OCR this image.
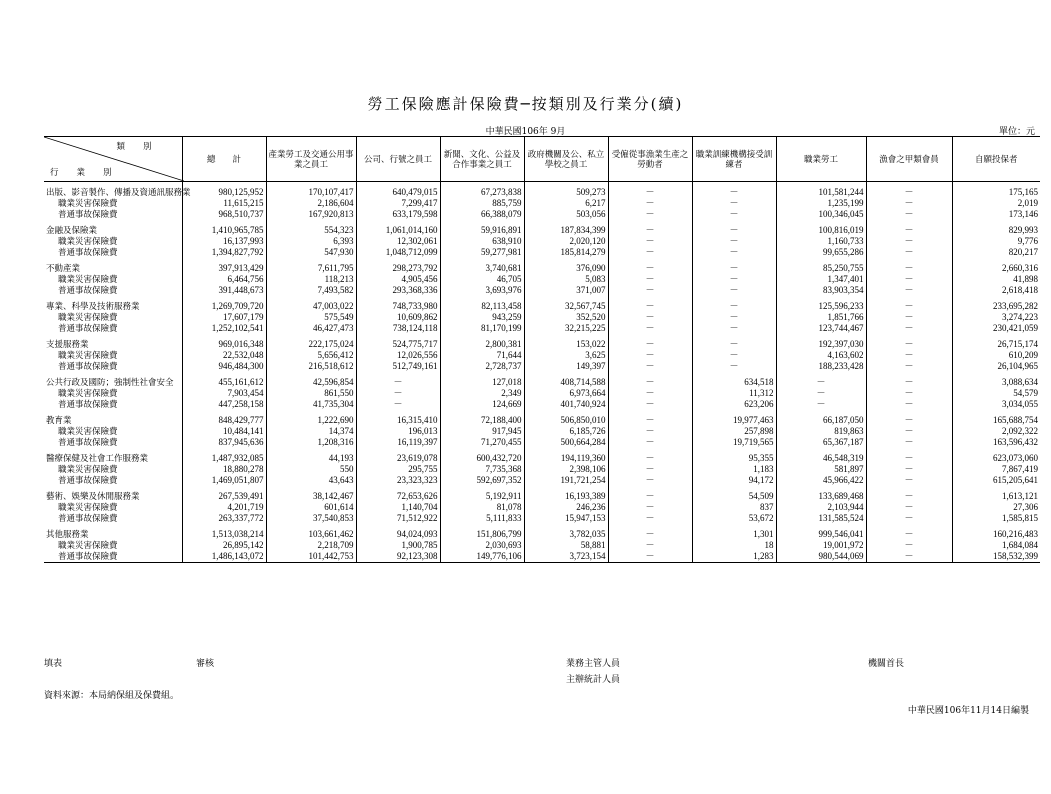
勞工保險應計保險費─按類別及行業分(續)
中華民國106年 9月	單位：元
類別
行業別	總　　計	產業勞工及交通公用事業之員工	公司、行號之員工	新聞、文化、公益及合作事業之員工	政府機關及公、私立學校之員工	受僱從事漁業生產之勞動者	職業訓練機構接受訓練者	職業勞工	漁會之甲類會員	自願投保者
出版、影音製作、傳播及資通訊服務業	980,125,952	170,107,417	640,479,015	67,273,838	509,273	－	－	101,581,244	－	175,165
職業災害保險費	11,615,215	2,186,604	7,299,417	885,759	6,217	－	－	1,235,199	－	2,019
普通事故保險費	968,510,737	167,920,813	633,179,598	66,388,079	503,056	－	－	100,346,045	－	173,146
金融及保險業	1,410,965,785	554,323	1,061,014,160	59,916,891	187,834,399	－	－	100,816,019	－	829,993
職業災害保險費	16,137,993	6,393	12,302,061	638,910	2,020,120	－	－	1,160,733	－	9,776
普通事故保險費	1,394,827,792	547,930	1,048,712,099	59,277,981	185,814,279	－	－	99,655,286	－	820,217
不動產業	397,913,429	7,611,795	298,273,792	3,740,681	376,090	－	－	85,250,755	－	2,660,316
職業災害保險費	6,464,756	118,213	4,905,456	46,705	5,083	－	－	1,347,401	－	41,898
普通事故保險費	391,448,673	7,493,582	293,368,336	3,693,976	371,007	－	－	83,903,354	－	2,618,418
專業、科學及技術服務業	1,269,709,720	47,003,022	748,733,980	82,113,458	32,567,745	－	－	125,596,233	－	233,695,282
職業災害保險費	17,607,179	575,549	10,609,862	943,259	352,520	－	－	1,851,766	－	3,274,223
普通事故保險費	1,252,102,541	46,427,473	738,124,118	81,170,199	32,215,225	－	－	123,744,467	－	230,421,059
支援服務業	969,016,348	222,175,024	524,775,717	2,800,381	153,022	－	－	192,397,030	－	26,715,174
職業災害保險費	22,532,048	5,656,412	12,026,556	71,644	3,625	－	－	4,163,602	－	610,209
普通事故保險費	946,484,300	216,518,612	512,749,161	2,728,737	149,397	－	－	188,233,428	－	26,104,965
公共行政及國防；強制性社會安全	455,161,612	42,596,854	－	127,018	408,714,588	－	634,518	－	－	3,088,634
職業災害保險費	7,903,454	861,550	－	2,349	6,973,664	－	11,312	－	－	54,579
普通事故保險費	447,258,158	41,735,304	－	124,669	401,740,924	－	623,206	－	－	3,034,055
教育業	848,429,777	1,222,690	16,315,410	72,188,400	506,850,010	－	19,977,463	66,187,050	－	165,688,754
職業災害保險費	10,484,141	14,374	196,013	917,945	6,185,726	－	257,898	819,863	－	2,092,322
普通事故保險費	837,945,636	1,208,316	16,119,397	71,270,455	500,664,284	－	19,719,565	65,367,187	－	163,596,432
醫療保健及社會工作服務業	1,487,932,085	44,193	23,619,078	600,432,720	194,119,360	－	95,355	46,548,319	－	623,073,060
職業災害保險費	18,880,278	550	295,755	7,735,368	2,398,106	－	1,183	581,897	－	7,867,419
普通事故保險費	1,469,051,807	43,643	23,323,323	592,697,352	191,721,254	－	94,172	45,966,422	－	615,205,641
藝術、娛樂及休閒服務業	267,539,491	38,142,467	72,653,626	5,192,911	16,193,389	－	54,509	133,689,468	－	1,613,121
職業災害保險費	4,201,719	601,614	1,140,704	81,078	246,236	－	837	2,103,944	－	27,306
普通事故保險費	263,337,772	37,540,853	71,512,922	5,111,833	15,947,153	－	53,672	131,585,524	－	1,585,815
其他服務業	1,513,038,214	103,661,462	94,024,093	151,806,799	3,782,035	－	1,301	999,546,041	－	160,216,483
職業災害保險費	26,895,142	2,218,709	1,900,785	2,030,693	58,881	－	18	19,001,972	－	1,684,084
普通事故保險費	1,486,143,072	101,442,753	92,123,308	149,776,106	3,723,154	－	1,283	980,544,069	－	158,532,399
填表	審核	業務主管人員
主辦統計人員
機關首長
資料來源：本局納保組及保費組。
中華民國106年11月14日編製
